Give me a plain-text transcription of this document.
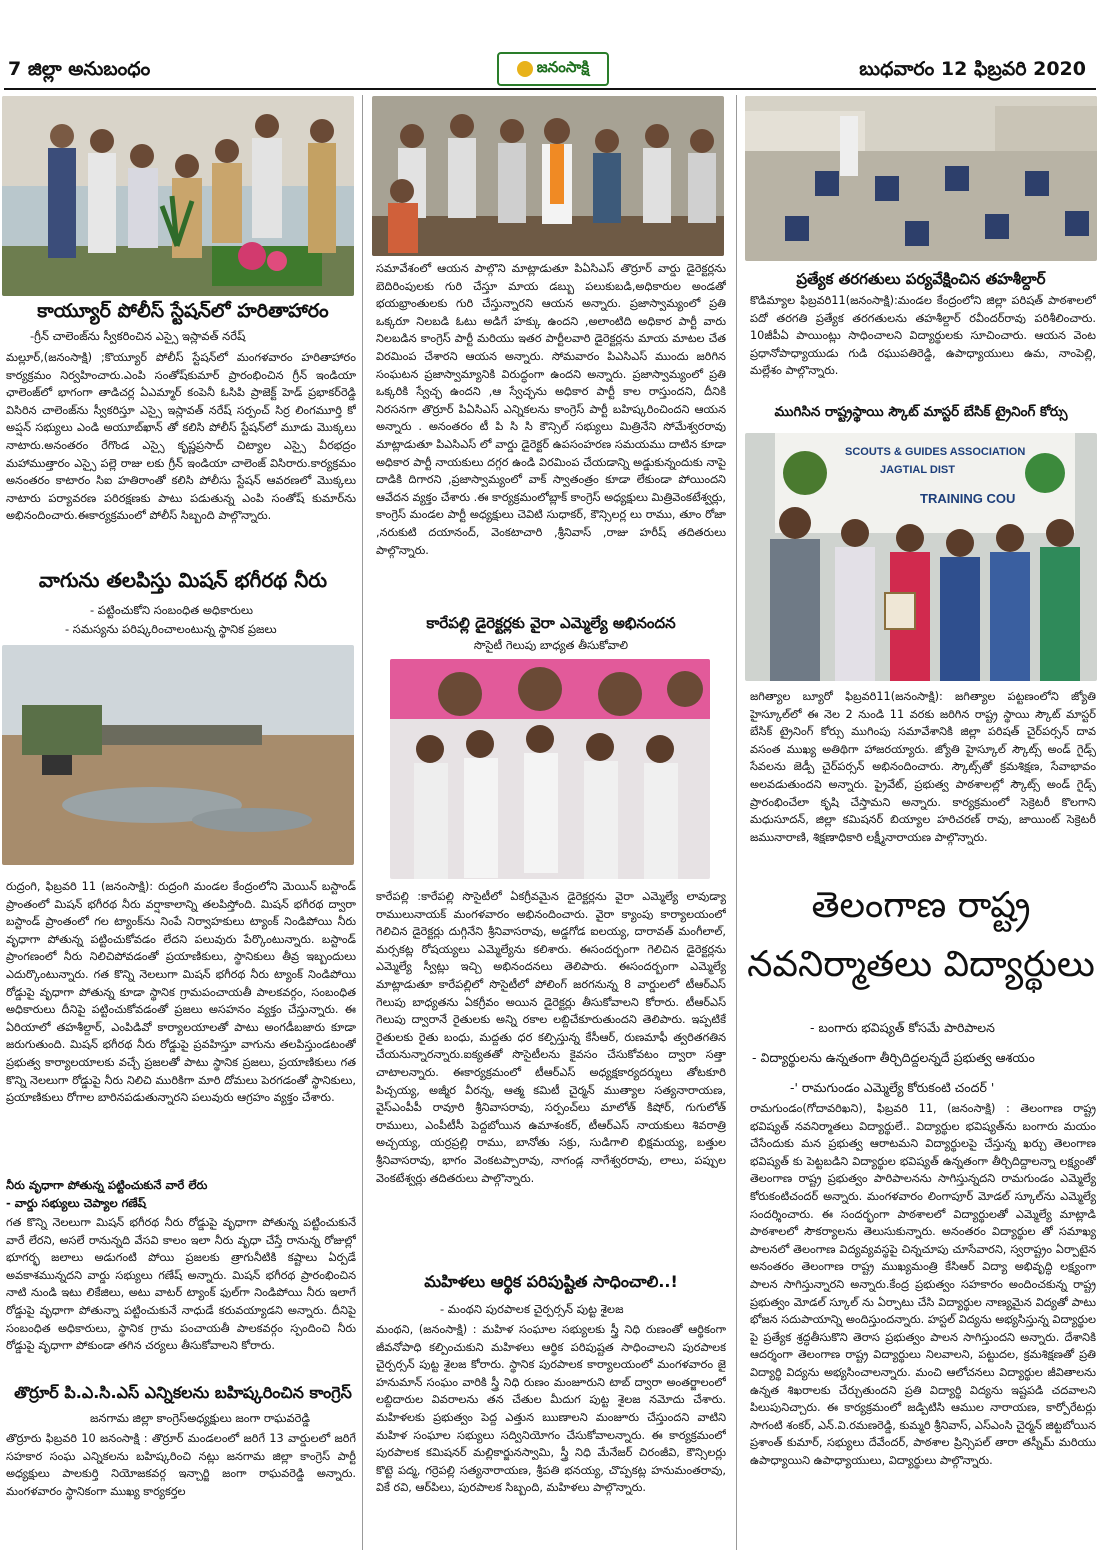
7 జిల్లా అనుబంధం	జనంసాక్షి	బుధవారం 12 ఫిబ్రవరి 2020
కాయ్యూర్‌ పోలీస్‌ స్టేషన్‌లో హరితాహారం
-గ్రీన్‌ చాలెంజ్‌ను స్వీకరించిన ఎస్సై ఇస్లావత్‌ నరేష్‌
మల్లూర్‌,(జనంసాక్షి) ;కొయ్యూర్‌ పోలీస్‌ స్టేషన్‌లో మంగళవారం హరితాహారం కార్యక్రమం నిర్వహించారు.ఎంపి సంతోష్‌కుమార్‌ ప్రారంభించిన గ్రీన్‌ ఇండియా ఛాలెంజ్‌లో భాగంగా తాడిచర్ల ఏఎమ్మార్‌ కంపెనీ ఓసిపి ప్రాజెక్ట్‌ హెడ్‌ ప్రభాకర్‌రెడ్డి విసిరిన చాలెంజ్‌ను స్వీకరిస్తూ ఎస్సై ఇస్లావత్‌ నరేష్‌ సర్పంచ్‌ సిర్ర లింగమూర్తి కో అప్షన్‌ సభ్యులు ఎండి అయూబ్‌ఖాన్‌ తో కలిసి పోలీస్‌ స్టేషన్‌లో మూడు మొక్కలు నాటారు.అనంతరం రేగొండ ఎస్సై కృష్ణప్రసాద్‌ చిట్యాల ఎస్సై వీరభద్రం మహాముత్తారం ఎస్సై పల్లె రాజు లకు గ్రీన్‌ ఇండియా చాలెంజ్‌ విసిరారు.కార్యక్రమం అనంతరం కాటారం సిఐ హతిరాంతో కలిసి పోలీసు స్టేషన్‌ ఆవరణలో మొక్కలు నాటారు పర్యావరణ పరిరక్షణకు పాటు పడుతున్న ఎంపి సంతోష్‌ కుమార్‌ను అభినందించారు.ఈకార్యక్రమంలో పోలీస్‌ సిబ్బంది పాల్గొన్నారు.
వాగును తలపిస్తు మిషన్‌ భగీరథ నీరు
- పట్టించుకోని సంబంధిత అధికారులు
- సమస్యను పరిష్కరించాలంటున్న స్థానిక ప్రజలు
రుద్రంగి, ఫిబ్రవరి 11 (జనంసాక్షి): రుద్రంగి మండల కేంద్రంలోని మెయిన్‌ బస్టాండ్‌ ప్రాంతంలో మిషన్‌ భగీరథ నీరు వర్షాకాలాన్ని తలపిస్తోంది. మిషన్‌ భగీరథ ద్వారా బస్టాండ్‌ ప్రాంతంలో గల ట్యాంక్‌ను నింపే నిర్వాహకులు ట్యాంక్‌ నిండిపోయి నీరు వృధాగా పోతున్న పట్టించుకోవడం లేదని పలువురు పేర్కొంటున్నారు. బస్టాండ్‌ ప్రాంగణంలో నీరు నిలిచిపోవడంతో ప్రయాణికులు, స్థానికులు తీవ్ర ఇబ్బందులు ఎదుర్కొంటున్నారు. గత కొన్ని నెలలుగా మిషన్‌ భగీరథ నీరు ట్యాంక్‌ నిండిపోయి రోడ్డుపై వృధాగా పోతున్న కూడా స్థానిక గ్రామపంచాయతీ పాలకవర్గం, సంబంధిత అధికారులు దీనిపై పట్టించుకోవడంతో ప్రజలు అసహనం వ్యక్తం చేస్తున్నారు. ఈ ఏరియాలో తహశీల్దార్‌, ఎంపిడివో కార్యాలయాలతో పాటు అంగడీబజారు కూడా జరుగుతుంది. మిషన్‌ భగీరథ నీరు రోడ్డుపై ప్రవహిస్తూ వాగును తలపిస్తుండటంతో ప్రభుత్వ కార్యాలయాలకు వచ్చే ప్రజలతో పాటు స్థానిక ప్రజలు, ప్రయాణికులు గత కొన్ని నెలలుగా రోడ్డుపై నీరు నిలిచి మురికిగా మారి దోమలు పెరగడంతో స్థానికులు, ప్రయాణికులు రోగాల బారినపడుతున్నారని పలువురు ఆగ్రహం వ్యక్తం చేశారు.
నీరు వృధాగా పోతున్న పట్టించుకునే వారే లేరు
- వార్డు సభ్యులు చెప్యాల గణేష్‌
గత కొన్ని నెలలుగా మిషన్‌ భగీరథ నీరు రోడ్డుపై వృధాగా పోతున్న పట్టించుకునే వారే లేరని, అసలే రానున్నది వేసవి కాలం ఇలా నీరు వృధా చేస్తే రానున్న రోజుల్లో భూగర్భ జలాలు అడుగంటి పోయి ప్రజలకు త్రాగునీటికి కష్టాలు ఏర్పడే అవకాశమున్నదని వార్డు సభ్యులు గణేష్‌ అన్నారు. మిషన్‌ భగీరథ ప్రారంభించిన నాటి నుండి ఇటు లికేజిలు, అటు వాటర్‌ ట్యాంక్‌ ఫుల్‌గా నిండిపోయి నీరు ఇలాగే రోడ్డుపై వృధాగా పోతున్నా పట్టించుకునే నాధుడే కరువయ్యాడని అన్నారు. దీనిపై సంబంధిత అధికారులు, స్థానిక గ్రామ పంచాయతీ పాలకవర్గం స్పందించి నీరు రోడ్డుపై వృధాగా పోకుండా తగిన చర్యలు తీసుకోవాలని కోరారు.
తొర్రూర్‌ పి.ఎ.సి.ఎస్‌ ఎన్నికలను బహిష్కరించిన కాంగ్రెస్‌
జనగామ జిల్లా కాంగ్రెస్‌అధ్యక్షులు జంగా రాఘవరెడ్డి
తొర్రూరు ఫిబ్రవరి 10 జనంసాక్షి : తొర్రూర్‌ మండలంలో జరిగే 13 వార్డులలో జరిగే సహకార సంఘ ఎన్నికలను బహిష్కరించి నట్లు జనగామ జిల్లా కాంగ్రెస్‌ పార్టీ అధ్యక్షులు పాలకుర్తి నియోజకవర్గ ఇన్చార్జి జంగా రాఘవరెడ్డి అన్నారు. మంగళవారం స్థానికంగా ముఖ్య కార్యకర్తల
సమావేశంలో ఆయన పాల్గొని మాట్లాడుతూ పిఏసిఎస్‌ తొర్రూర్‌ వార్డు డైరెక్టర్లను బెదిరింపులకు గురి చేస్తూ మాయ డబ్బు పలుకుబడి,అధికారుల అండతో భయభ్రాంతులకు గురి చేస్తున్నారని ఆయన అన్నారు. ప్రజాస్వామ్యంలో ప్రతి ఒక్కరూ నిలబడి ఓటు అడిగే హక్కు ఉందని ,అలాంటిది అధికార పార్టీ వారు నిలబడిన కాంగ్రెస్‌ పార్టీ మరియు ఇతర పార్టీలవారి డైరెక్టర్లను మాయ మాటల చేత విరమింప చేశారని ఆయన అన్నారు. సోమవారం పిఎసిఎస్‌ ముందు జరిగిన సంఘటన ప్రజాస్వామ్యానికి విరుద్ధంగా ఉందని అన్నారు. ప్రజాస్వామ్యంలో ప్రతి ఒక్కరికి స్వేచ్ఛ ఉందని ,ఆ స్వేచ్ఛను అధికార పార్టీ కాల రాస్తుందని, దీనికి నిరసనగా తొర్రూర్‌ పిఏసిఎస్‌ ఎన్నికలను కాంగ్రెస్‌ పార్టీ బహిష్కరించిందని ఆయన అన్నారు . అనంతరం టీ పి సి సి కౌన్సిల్‌ సభ్యులు మిత్రినేని సోమేశ్వరరావు మాట్లాడుతూ పిఎసిఎస్‌ లో వార్డు డైరెక్టర్‌ ఉపసంహరణ సమయము దాటిన కూడా అధికార పార్టీ నాయకులు దగ్గర ఉండి విరమింప చేయడాన్ని అడ్డుకున్నందుకు నాపై దాడికి దిగారని ,ప్రజాస్వామ్యంలో వాక్‌ స్వాతంత్రం కూడా లేకుండా పోయిందని ఆవేదన వ్యక్తం చేశారు .ఈ కార్యక్రమంలోబ్లాక్‌ కాంగ్రెస్‌ అధ్యక్షులు మిత్రివెంకటేశ్వర్లు, కాంగ్రెస్‌ మండల పార్టీ అధ్యక్షులు చెవిటి సుధాకర్‌, కౌన్సిలర్ల లు రాము, తూం రోజా ,నరుకుటి దయానంద్‌, వెంకటాచారి ,శ్రీనివాస్‌ ,రాజు హరీష్‌ తదితరులు పాల్గొన్నారు.
కారేపల్లి డైరెక్టర్లకు వైరా ఎమ్మెల్యే అభినందన
సొసైటీ గెలుపు బాధ్యత తీసుకోవాలి
కారేపల్లి :కారేపల్లి సొసైటీలో ఏకగ్రీవమైన డైరెక్టర్లను వైరా ఎమ్మెల్యే లావుడ్యా రాములునాయక్‌ మంగళవారం అభినందించారు. వైరా క్యాంపు కార్యాలయంలో గెలిచిన డైరెక్టర్లు దుగ్గినేని శ్రీనివాసరావు, అడ్డగోడ ఐలయ్య, దారావత్‌ మంగీలాల్‌, మర్సకట్ల రోషయ్యలు ఎమ్మెల్యేను కలిశారు. ఈసందర్బంగా గెలిచిన డైరెక్టర్లను ఎమ్మెల్యే స్వీట్లు ఇచ్చి అభినందనలు తెలిపారు. ఈసందర్బంగా ఎమ్మెల్యే మాట్లాడుతూ కారేపల్లిలో సొసైటీలో పోలింగ్‌ జరగనున్న 8 వార్డులలో టీఆర్‌ఎస్‌ గెలుపు బాధ్యతను ఏకగ్రీవం అయిన డైరెక్టర్లు తీసుకోవాలని కోరారు. టీఆర్‌ఎస్‌ గెలుపు ద్వారానే రైతులకు అన్ని రకాల లబ్దిచేకూరుతుందని తెలిపారు. ఇప్పటికే రైతులకు రైతు బంధు, మద్దతు ధర కల్పిస్తున్న కేసీఆర్‌, రుణమాఫీ త్వరితగతిన చేయనున్నారన్నారు.ఐక్యతతో సొసైటీలను కైవసం చేసుకోవటం ద్వారా సత్తా చాటాలన్నారు. ఈకార్యక్రమంలో టీఆర్‌ఎస్‌ అధ్యక్షకార్యదర్శులు తోటకూరి పిచ్చయ్య, అజ్మీర వీరన్న, ఆత్మ కమిటీ చైర్మన్‌ ముత్యాల సత్యనారాయణ, వైస్‌ఎంపీపీ రావూరి శ్రీనివాసరావు, సర్పంచ్‌లు మాలోత్‌ కిషోర్‌, గుగులోత్‌ రాములు, ఎంపీటీసీ పెద్దబోయిన ఉమాశంకర్‌, టీఆర్‌ఎస్‌ నాయకులు శివరాత్రి అచ్చయ్య, యర్రప్రల్లి రాము, బానోతు సక్రు, సుడిగాలి భిక్షమయ్య, బత్తుల శ్రీనివాసరావు, భాగం వెంకటప్పారావు, నాగండ్ల నాగేశ్వరరావు, లాలు, పప్పుల వెంకటేశ్వర్లు తదితరులు పాల్గొన్నారు.
మహిళలు ఆర్థిక పరిపుష్టిత సాధించాలి..!
- మంథని పురపాలక చైర్పర్సన్‌ పుట్ట శైలజ
మంథని, (జనంసాక్షి) : మహిళ సంఘాల సభ్యులకు స్త్రీ నిధి రుణంతో ఆర్థికంగా జీవనోపాధి కల్పించుకుని మహిళలు ఆర్థిక పరిపుష్టత సాధించాలని పురపాలక చైర్పర్సన్‌ పుట్ట శైలజ కోరారు. స్థానిక పురపాలక కార్యాలయంలో మంగళవారం జై హనుమాన్‌ సంఘం వారికి స్త్రీ నిధి రుణం మంజూరుని టాబ్‌ ద్వారా అంతర్జాలంలో లబ్దిదారుల వివరాలను తన చేతుల మీదుగ పుట్ట శైలజ నమోదు చేశారు. మహిళలకు ప్రభుత్వం పెద్ద ఎత్తున ఋణాలని మంజూరు చేస్తుందని వాటిని మహిళ సంఘాల సభ్యులు సద్వినియోగం చేసుకోవాలన్నారు. ఈ కార్యక్రమంలో పురపాలక కమిషనర్‌ మల్లికార్జునస్వామి, స్త్రీ నిధి మేనేజర్‌ చిరంజీవి, కౌన్సిలర్లు కొట్టె పద్మ, గర్రెపల్లి సత్యనారాయణ, శ్రీపతి భనయ్య, చొప్పకట్ల హనుమంతరావు, వికే రవి, ఆర్‌పిలు, పురపాలక సిబ్బంది, మహిళలు పాల్గొన్నారు.
ప్రత్యేక తరగతులు పర్యవేక్షించిన తహశీల్దార్‌
కొడిమ్యాల ఫిబ్రవరి11(జనంసాక్షి):మండల కేంద్రంలోని జిల్లా పరిషత్‌ పాఠశాలలో పదో తరగతి ప్రత్యేక తరగతులను తహశీల్దార్‌ రవీందర్‌రావు పరిశీలించారు. 10జీపీఏ పాయింట్లు సాధించాలని విద్యార్థులకు సూచించారు. ఆయన వెంట ప్రధానోపాధ్యాయుడు గుడి రఘుపతిరెడ్డి, ఉపాధ్యాయులు ఉమ, నాంపెల్లి, మల్లేశం పాల్గొన్నారు.
ముగిసిన రాష్ట్రస్థాయి స్కౌట్‌ మాస్టర్‌ బేసిక్‌ ట్రైనింగ్‌ కోర్సు
SCOUTS & GUIDES ASSOCIATION
JAGTIAL DIST
TRAINING COU
జగిత్యాల బ్యూరో ఫిబ్రవరి11(జనంసాక్షి): జగిత్యాల పట్టణంలోని జ్యోతి హైస్కూల్‌లో ఈ నెల 2 నుండి 11 వరకు జరిగిన రాష్ట్ర స్థాయి స్కౌట్‌ మాస్టర్‌ బేసిక్‌ ట్రైనింగ్‌ కోర్సు ముగింపు సమావేశానికి జిల్లా పరిషత్‌ చైర్‌పర్సన్‌ దావ వసంత ముఖ్య అతిథిగా హాజరయ్యారు. జ్యోతి హైస్కూల్‌ స్కౌట్స్‌ అండ్‌ గైడ్స్‌ సేవలను జెడ్పీ చైర్‌పర్సన్‌ అభినందించారు. స్కౌట్స్‌తో క్రమశిక్షణ, సేవాభావం అలవడుతుందని అన్నారు. ప్రైవేట్‌, ప్రభుత్వ పాఠశాలల్లో స్కౌట్స్‌ అండ్‌ గైడ్స్‌ ప్రారంభించేలా కృషి చేస్తామని అన్నారు. కార్యక్రమంలో సెక్రెటరీ కొలగాని మధుసూదన్‌, జిల్లా కమిషనర్‌ బియ్యాల హరిచరణ్‌ రావు, జాయింట్‌ సెక్రెటరీ జమునారాణి, శిక్షణాధికారి లక్ష్మీనారాయణ పాల్గొన్నారు.
తెలంగాణ రాష్ట్ర
నవనిర్మాతలు విద్యార్థులు
- బంగారు భవిష్యత్‌ కోసమే పారిపాలన
- విద్యార్థులను ఉన్నతంగా తీర్చిదిద్దలన్నదే ప్రభుత్వ ఆశయం
-' రామగుండం ఎమ్మెల్యే కోరుకంటి చందర్‌ '
రామగుండం(గోదావరిఖని), ఫిబ్రవరి 11, (జనంసాక్షి) : తెలంగాణ రాష్ట్ర భవిష్యత్‌ నవనిర్మాతలు విద్యార్థులే.. విద్యార్థుల భవిష్యత్‌ను బంగారు మయం చేసేందుకు మన ప్రభుత్వ ఆరాటమని విద్యార్థులపై చేస్తున్న ఖర్చు తెలంగాణ భవిష్యత్‌ కు పెట్టబడిని విద్యార్థుల భవిష్యత్‌ ఉన్నతంగా తీర్చిదిద్దాలన్నా లక్ష్యంతో తెలంగాణ రాష్ట్ర ప్రభుత్వం పారిపాలనను సాగిస్తున్నదని రామగుండం ఎమ్మెల్యే కోరుకంటిచందర్‌ అన్నారు. మంగళవారం లింగాపూర్‌ మోడల్‌ స్కూల్‌ను ఎమ్మెల్యే సందర్శించారు. ఈ సందర్భంగా పాఠశాలలో విద్యార్థులతో ఎమ్మెల్యే మాట్లాడి పాఠశాలలో సౌకర్యాలను తెలుసుకున్నారు. అనంతరం విద్యార్థుల తో సమాఖ్య పాలనలో తెలంగాణ విద్యవ్యవస్థపై చిన్నచూపు చూసేవారని, స్వరాష్ట్రం ఏర్పాటైన అనంతరం తెలంగాణ రాష్ట్ర ముఖ్యమంత్రి కేసిఆర్‌ విద్యా అభివృద్ధి లక్ష్యంగా పాలన సాగిస్తున్నారని అన్నారు.కేంద్ర ప్రభుత్వం సహకారం అందించకున్న రాష్ట్ర ప్రభుత్వం మోడల్‌ స్కూల్‌ ను ఏర్పాటు చేసి విద్యార్థుల నాణ్యమైన విద్యతో పాటు భోజన సదుపాయాన్ని అందిస్తుందన్నారు. హస్టల్‌ విద్యను అభ్యసిస్తున్న విద్యార్థుల పై ప్రత్యేక శ్రద్ధతీసుకొని తెరాస ప్రభుత్వం పాలన సాగిస్తుందని అన్నారు. దేశానికి ఆదర్శంగా తెలంగాణ రాష్ట్ర విద్యార్థులు నిలవాలని, పట్టుదల, క్రమశిక్షణతో ప్రతి విద్యార్థి విద్యను అభ్యసించాలన్నారు. మంచి ఆలోచనలు విద్యార్థుల జీవితాలను ఉన్నత శిఖరాలకు చేర్చుతుందని ప్రతి విద్యార్థి విద్యను ఇష్టపడి చదవాలని పిలుపునిచ్చారు. ఈ కార్యక్రమంలో జడ్పిటిసి ఆముల నారాయణ, కార్పోరేటర్లు సాగంటి శంకర్‌, ఎన్‌.వి.రమణరెడ్డి, కుమ్మరి శ్రీనివాస్‌, ఎస్‌ఎంసి చైర్మన్‌ జిట్టబోయిన ప్రశాంత్‌ కుమార్‌, సభ్యులు దేవేందర్‌, పాఠశాల ప్రిన్సిపల్‌ తారా తస్నీమ్‌ మరియు ఉపాధ్యాయిని ఉపాధ్యాయులు, విద్యార్థులు పాల్గొన్నారు.
